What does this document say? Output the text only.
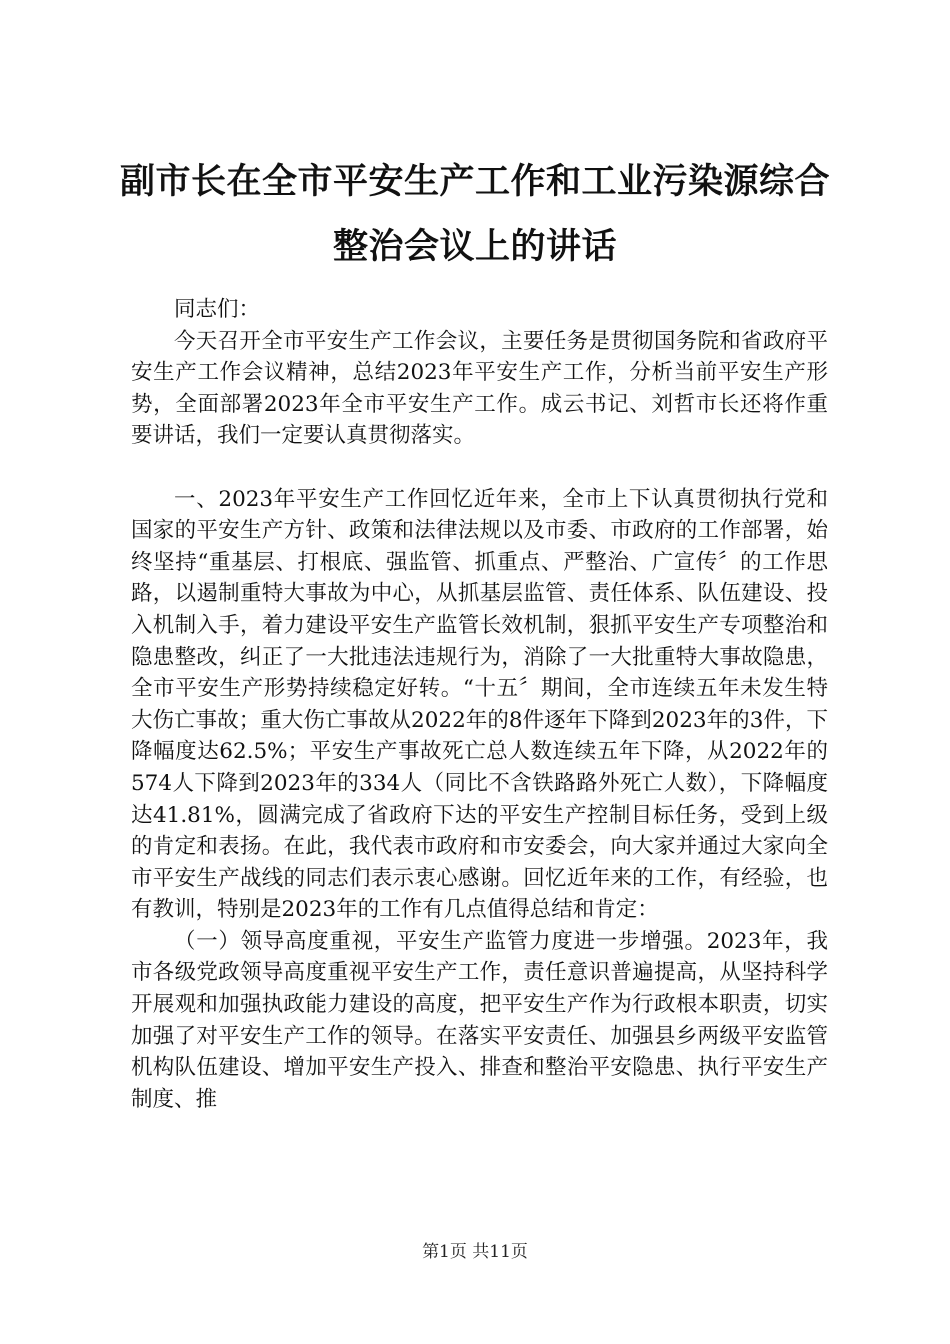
副市长在全市平安生产工作和工业污染源综合
整治会议上的讲话

同志们：

今天召开全市平安生产工作会议，主要任务是贯彻国务院和省政府平安生产工作会议精神，总结2023年平安生产工作，分析当前平安生产形势，全面部署2023年全市平安生产工作。成云书记、刘哲市长还将作重要讲话，我们一定要认真贯彻落实。

一、2023年平安生产工作回忆近年来，全市上下认真贯彻执行党和国家的平安生产方针、政策和法律法规以及市委、市政府的工作部署，始终坚持“重基层、打根底、强监管、抓重点、严整治、广宣传〞的工作思路，以遏制重特大事故为中心，从抓基层监管、责任体系、队伍建设、投入机制入手，着力建设平安生产监管长效机制，狠抓平安生产专项整治和隐患整改，纠正了一大批违法违规行为，消除了一大批重特大事故隐患，全市平安生产形势持续稳定好转。“十五〞期间，全市连续五年未发生特大伤亡事故；重大伤亡事故从2022年的8件逐年下降到2023年的3件，下降幅度达62.5%；平安生产事故死亡总人数连续五年下降，从2022年的574人下降到2023年的334人（同比不含铁路路外死亡人数），下降幅度达41.81%，圆满完成了省政府下达的平安生产控制目标任务，受到上级的肯定和表扬。在此，我代表市政府和市安委会，向大家并通过大家向全市平安生产战线的同志们表示衷心感谢。回忆近年来的工作，有经验，也有教训，特别是2023年的工作有几点值得总结和肯定：

（一）领导高度重视，平安生产监管力度进一步增强。2023年，我市各级党政领导高度重视平安生产工作，责任意识普遍提高，从坚持科学开展观和加强执政能力建设的高度，把平安生产作为行政根本职责，切实加强了对平安生产工作的领导。在落实平安责任、加强县乡两级平安监管机构队伍建设、增加平安生产投入、排查和整治平安隐患、执行平安生产制度、推

第1页 共11页
